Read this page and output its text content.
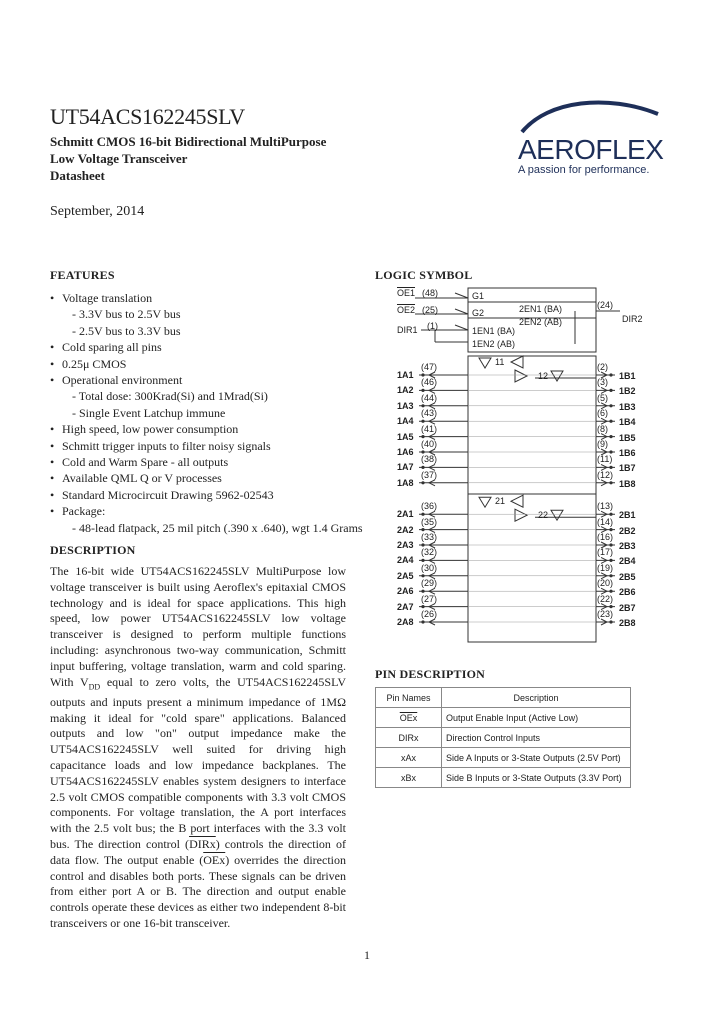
UT54ACS162245SLV
Schmitt CMOS 16-bit Bidirectional MultiPurpose
Low Voltage Transceiver
Datasheet
September, 2014
AEROFLEX
A passion for performance.
FEATURES
• Voltage translation
- 3.3V bus to 2.5V bus
- 2.5V bus to 3.3V bus
• Cold sparing all pins
• 0.25μ CMOS
• Operational environment
- Total dose: 300Krad(Si) and 1Mrad(Si)
- Single Event Latchup immune
• High speed, low power consumption
• Schmitt trigger inputs to filter noisy signals
• Cold and Warm Spare - all outputs
• Available QML Q or V processes
• Standard Microcircuit Drawing 5962-02543
• Package:
- 48-lead flatpack, 25 mil pitch (.390 x .640), wgt 1.4 Grams
DESCRIPTION
The 16-bit wide UT54ACS162245SLV MultiPurpose low voltage transceiver is built using Aeroflex's epitaxial CMOS technology and is ideal for space applications. This high speed, low power UT54ACS162245SLV low voltage transceiver is designed to perform multiple functions including: asynchronous two-way communication, Schmitt input buffering, voltage translation, warm and cold sparing. With $V_{DD}$ equal to zero volts, the UT54ACS162245SLV outputs and inputs present a minimum impedance of 1MΩ making it ideal for "cold spare" applications. Balanced outputs and low "on" output impedance make the UT54ACS162245SLV well suited for driving high capacitance loads and low impedance backplanes. The UT54ACS162245SLV enables system designers to interface 2.5 volt CMOS compatible components with 3.3 volt CMOS components. For voltage translation, the A port interfaces with the 2.5 volt bus; the B port interfaces with the 3.3 volt bus. The direction control (DIRx) controls the direction of data flow. The output enable $(\overline{OEx})$ overrides the direction control and disables both ports. These signals can be driven from either port A or B. The direction and output enable controls operate these devices as either two independent 8-bit transceivers or one 16-bit transceiver.
LOGIC SYMBOL
OE1 (48)	G1
OE2 (25)	G2
DIR1 (1)	1EN1 (BA)
1EN2 (AB)
2EN1 (BA)
2EN2 (AB)
(24)
DIR2
11
12
21
22
1A1
(47)	(2)
1B1
1A2
(46)	(3)
1B2
1A3
(44)	(5)
1B3
1A4
(43)	(6)
1B4
1A5
(41)	(8)
1B5
1A6
(40)	(9)
1B6
1A7
(38)	(11)
1B7
1A8
(37)	(12)
1B8
2A1
(36)	(13)
2B1
2A2
(35)	(14)
2B2
2A3
(33)	(16)
2B3
2A4
(32)	(17)
2B4
2A5
(30)	(19)
2B5
2A6
(29)	(20)
2B6
2A7
(27)	(22)
2B7
2A8
(26)	(23)
2B8
PIN DESCRIPTION
Pin Names	Description
$\overline{OEx}$	Output Enable Input (Active Low)
DIRx	Direction Control Inputs
xAx	Side A Inputs or 3-State Outputs (2.5V Port)
xBx	Side B Inputs or 3-State Outputs (3.3V Port)
1
